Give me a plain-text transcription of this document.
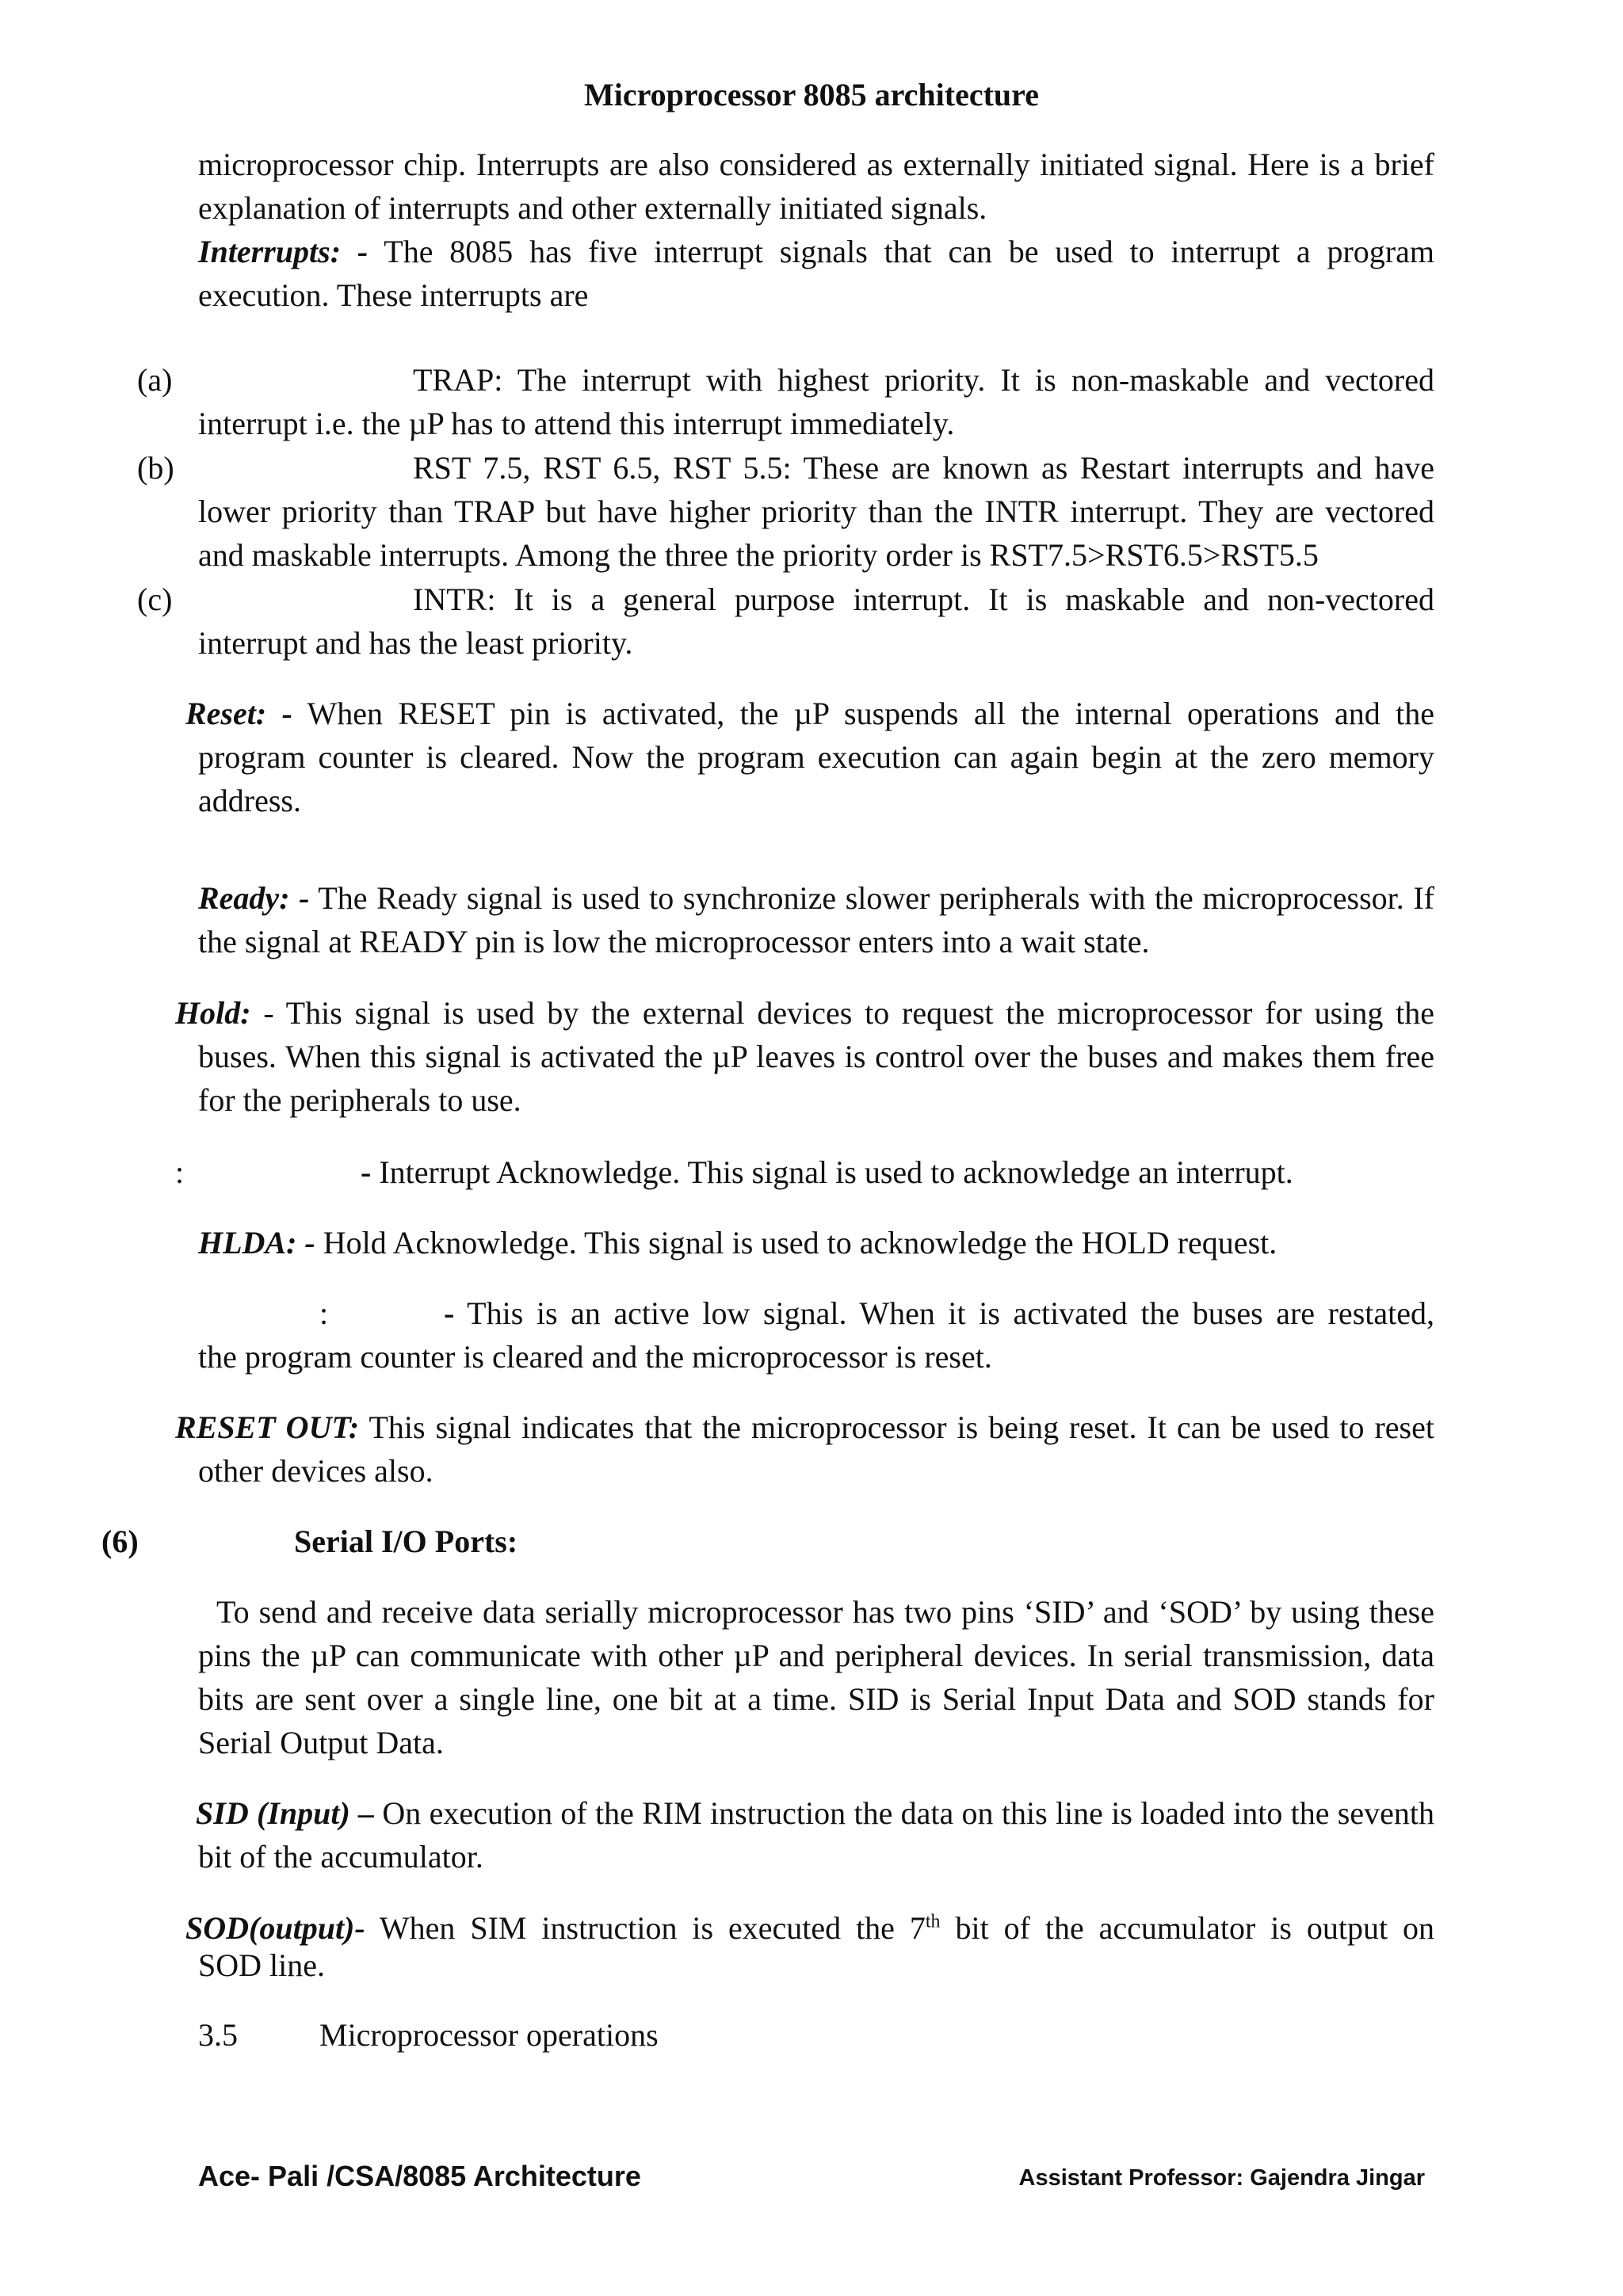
Microprocessor 8085 architecture

microprocessor chip. Interrupts are also considered as externally initiated signal. Here is a brief explanation of interrupts and other externally initiated signals.

Interrupts: - The 8085 has five interrupt signals that can be used to interrupt a program execution. These interrupts are

(a)	TRAP: The interrupt with highest priority. It is non-maskable and vectored
interrupt i.e. the µP has to attend this interrupt immediately.
(b)	RST 7.5, RST 6.5, RST 5.5: These are known as Restart interrupts and have

lower priority than TRAP but have higher priority than the INTR interrupt. They are vectored and maskable interrupts. Among the three the priority order is RST7.5>RST6.5>RST5.5

(c)	INTR: It is a general purpose interrupt. It is maskable and non-vectored
interrupt and has the least priority.

Reset: - When RESET pin is activated, the µP suspends all the internal operations and the program counter is cleared. Now the program execution can again begin at the zero memory address.

Ready: - The Ready signal is used to synchronize slower peripherals with the microprocessor. If the signal at READY pin is low the microprocessor enters into a wait state.

Hold: - This signal is used by the external devices to request the microprocessor for using the buses. When this signal is activated the µP leaves is control over the buses and makes them free for the peripherals to use.

:	- Interrupt Acknowledge. This signal is used to acknowledge an interrupt.
HLDA: - Hold Acknowledge. This signal is used to acknowledge the HOLD request.
:	- This is an active low signal. When it is activated the buses are restated,
the program counter is cleared and the microprocessor is reset.

RESET OUT: This signal indicates that the microprocessor is being reset. It can be used to reset other devices also.

(6)	Serial I/O Ports:

To send and receive data serially microprocessor has two pins ‘SID’ and ‘SOD’ by using these pins the µP can communicate with other µP and peripheral devices. In serial transmission, data bits are sent over a single line, one bit at a time. SID is Serial Input Data and SOD stands for Serial Output Data.

SID (Input) – On execution of the RIM instruction the data on this line is loaded into the seventh bit of the accumulator.

SOD(output)- When SIM instruction is executed the 7th bit of the accumulator is output on
SOD line.
3.5	Microprocessor operations
Ace- Pali /CSA/8085 Architecture	Assistant Professor: Gajendra Jingar
